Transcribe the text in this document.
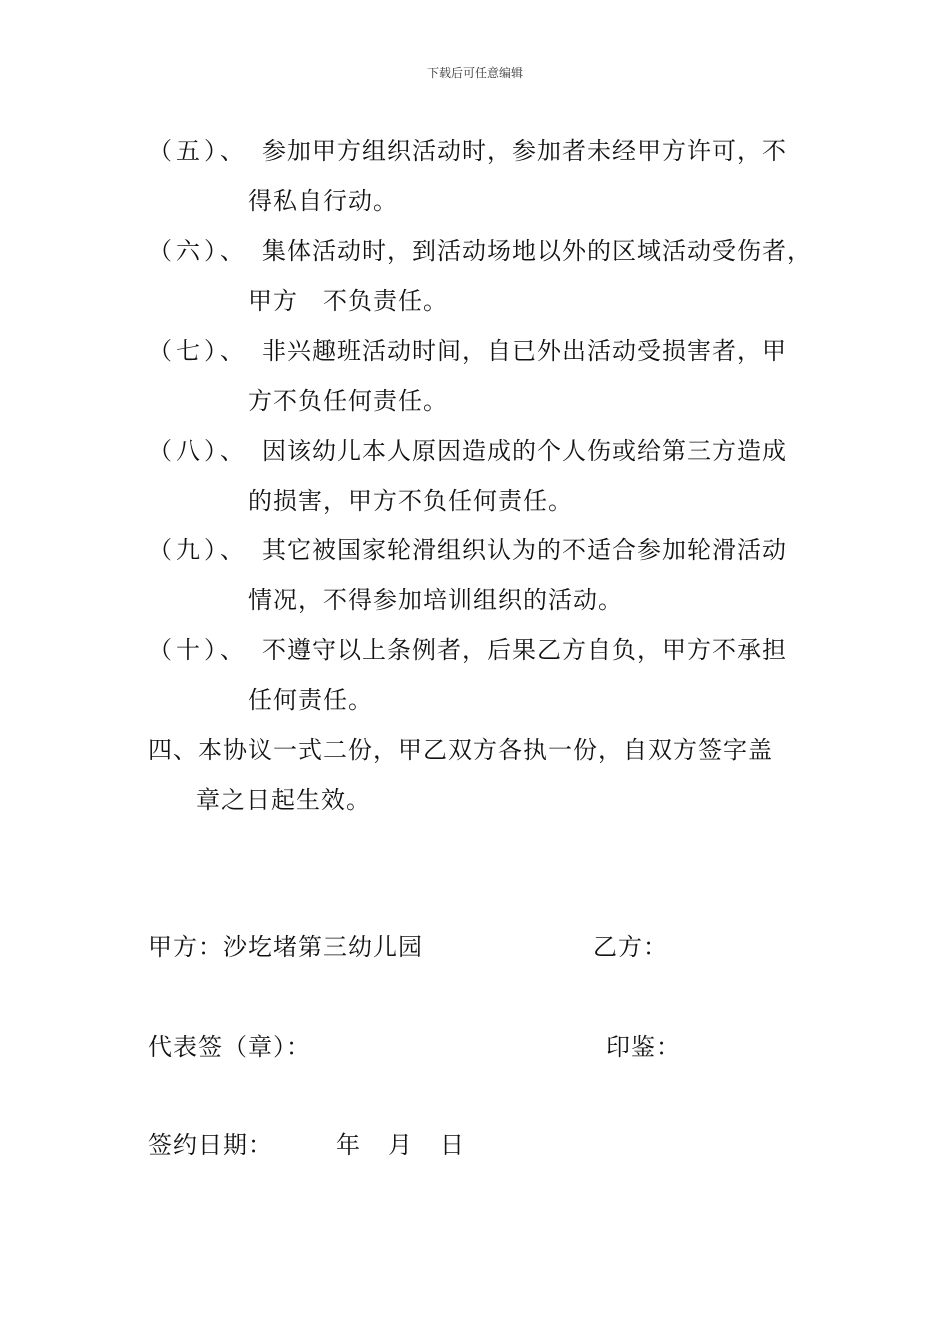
下载后可任意编辑
（五）、 参加甲方组织活动时，参加者未经甲方许可，不
得私自行动。
（六）、 集体活动时，到活动场地以外的区域活动受伤者，
甲方　不负责任。
（七）、 非兴趣班活动时间，自已外出活动受损害者，甲
方不负任何责任。
（八）、 因该幼儿本人原因造成的个人伤或给第三方造成
的损害，甲方不负任何责任。
（九）、 其它被国家轮滑组织认为的不适合参加轮滑活动
情况，不得参加培训组织的活动。
（十）、 不遵守以上条例者，后果乙方自负，甲方不承担
任何责任。
四、本协议一式二份，甲乙双方各执一份，自双方签字盖
章之日起生效。
甲方：沙圪堵第三幼儿园	乙方：
代表签（章）：	印鉴：
签约日期：	年 月 日
